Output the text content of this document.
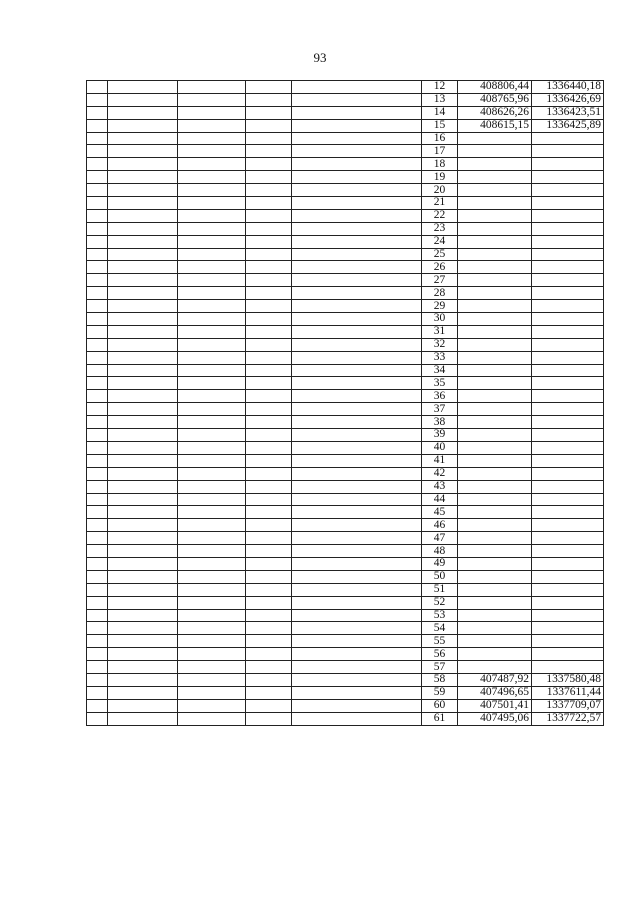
93
					12	408806,44	1336440,18
					13	408765,96	1336426,69
					14	408626,26	1336423,51
					15	408615,15	1336425,89
					16		
					17		
					18		
					19		
					20		
					21		
					22		
					23		
					24		
					25		
					26		
					27		
					28		
					29		
					30		
					31		
					32		
					33		
					34		
					35		
					36		
					37		
					38		
					39		
					40		
					41		
					42		
					43		
					44		
					45		
					46		
					47		
					48		
					49		
					50		
					51		
					52		
					53		
					54		
					55		
					56		
					57		
					58	407487,92	1337580,48
					59	407496,65	1337611,44
					60	407501,41	1337709,07
					61	407495,06	1337722,57
